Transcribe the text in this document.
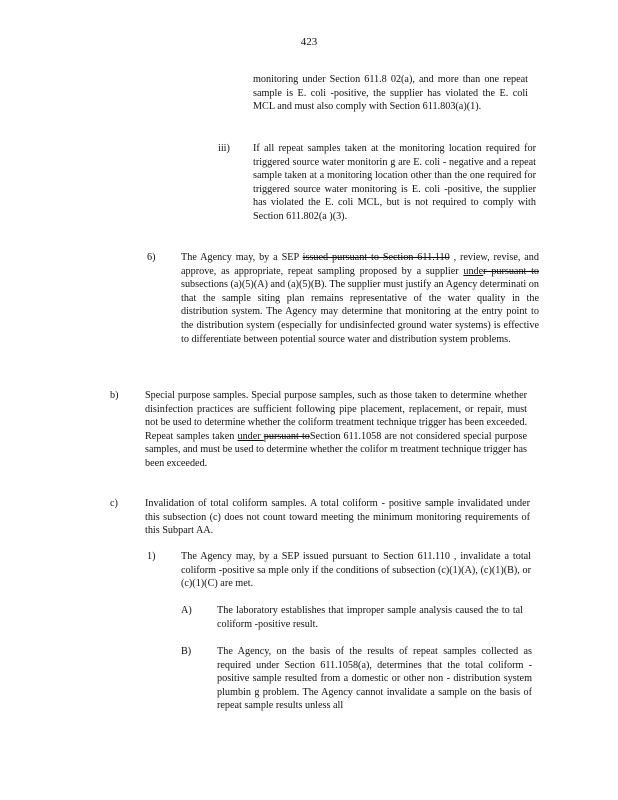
423
monitoring under Section 611.8 02(a), and more than one repeat sample is E. coli -positive, the supplier has violated the E. coli MCL and must also comply with Section 611.803(a)(1).
iii) If all repeat samples taken at the monitoring location required for triggered source water monitorin g are E. coli - negative and a repeat sample taken at a monitoring location other than the one required for triggered source water monitoring is E. coli -positive, the supplier has violated the E. coli MCL, but is not required to comply with Section 611.802(a )(3).
6)	The Agency may, by a SEP issued pursuant to Section 611.110 , review, revise, and approve, as appropriate, repeat sampling proposed by a supplier under pursuant to subsections (a)(5)(A) and (a)(5)(B). The supplier must justify an Agency determinati on that the sample siting plan remains representative of the water quality in the distribution system. The Agency may determine that monitoring at the entry point to the distribution system (especially for undisinfected ground water systems) is effective to differentiate between potential source water and distribution system problems.
b)	Special purpose samples. Special purpose samples, such as those taken to determine whether disinfection practices are sufficient following pipe placement, replacement, or repair, must not be used to determine whether the coliform treatment technique trigger has been exceeded. Repeat samples taken under pursuant toSection 611.1058 are not considered special purpose samples, and must be used to determine whether the colifor m treatment technique trigger has been exceeded.
c)	Invalidation of total coliform samples. A total coliform - positive sample invalidated under this subsection (c) does not count toward meeting the minimum monitoring requirements of this Subpart AA.
1)	The Agency may, by a SEP issued pursuant to Section 611.110 , invalidate a total coliform -positive sa mple only if the conditions of subsection (c)(1)(A), (c)(1)(B), or (c)(1)(C) are met.
A) The laboratory establishes that improper sample analysis caused the to tal coliform -positive result.
B)	The Agency, on the basis of the results of repeat samples collected as required under Section 611.1058(a), determines that the total coliform -positive sample resulted from a domestic or other non - distribution system plumbin g problem. The Agency cannot invalidate a sample on the basis of repeat sample results unless all
